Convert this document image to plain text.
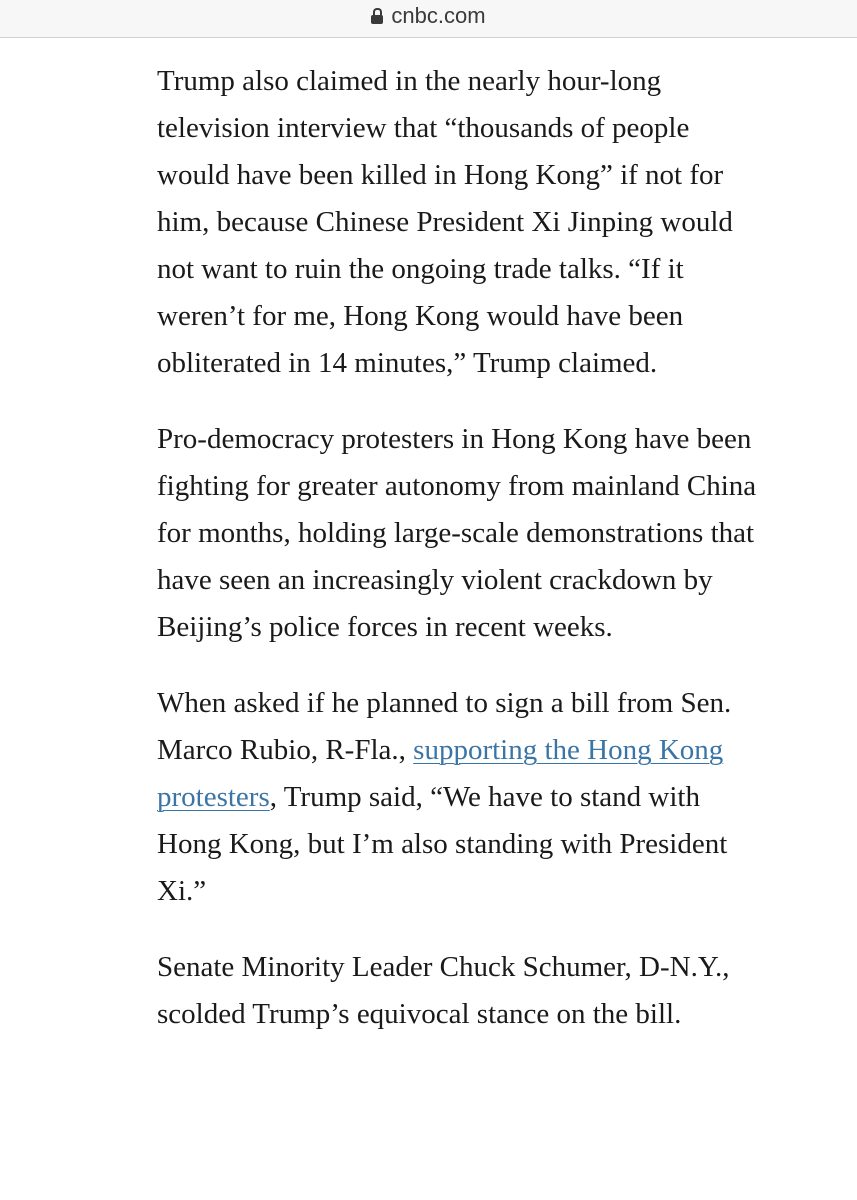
cnbc.com

Trump also claimed in the nearly hour-long television interview that “thousands of people would have been killed in Hong Kong” if not for him, because Chinese President Xi Jinping would not want to ruin the ongoing trade talks. “If it weren’t for me, Hong Kong would have been obliterated in 14 minutes,” Trump claimed.

Pro-democracy protesters in Hong Kong have been fighting for greater autonomy from mainland China for months, holding large-scale demonstrations that have seen an increasingly violent crackdown by Beijing’s police forces in recent weeks.

When asked if he planned to sign a bill from Sen. Marco Rubio, R-Fla., supporting the Hong Kong protesters, Trump said, “We have to stand with Hong Kong, but I’m also standing with President Xi.”

Senate Minority Leader Chuck Schumer, D-N.Y., scolded Trump’s equivocal stance on the bill.
